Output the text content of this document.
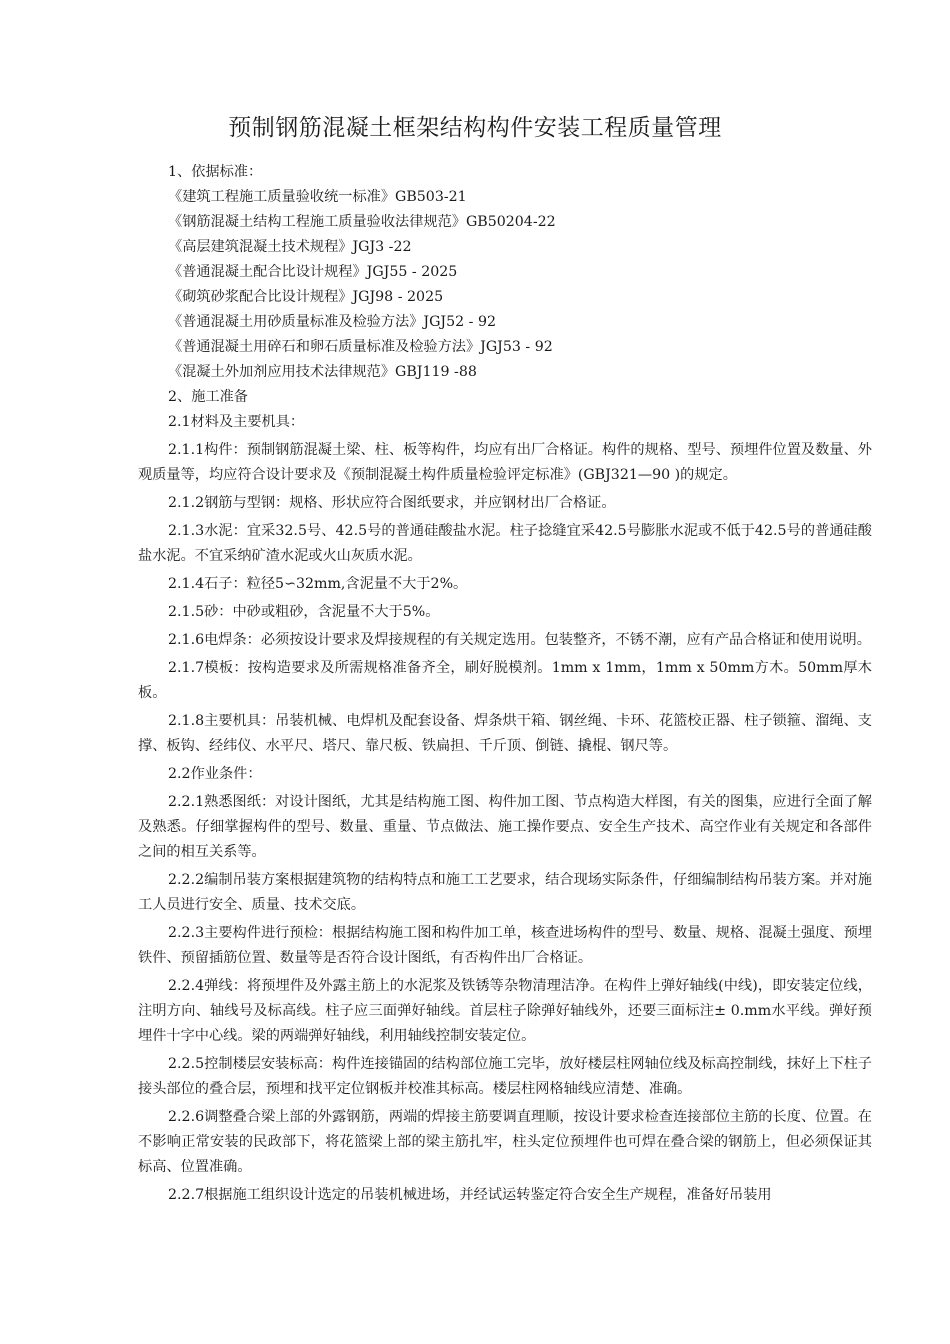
预制钢筋混凝土框架结构构件安装工程质量管理

1、依据标准：

《建筑工程施工质量验收统一标准》GB503-21

《钢筋混凝土结构工程施工质量验收法律规范》GB50204-22

《高层建筑混凝土技术规程》JGJ3 -22

《普通混凝土配合比设计规程》JGJ55 - 2025

《砌筑砂浆配合比设计规程》JGJ98 - 2025

《普通混凝土用砂质量标准及检验方法》JGJ52 - 92

《普通混凝土用碎石和卵石质量标准及检验方法》JGJ53 - 92

《混凝土外加剂应用技术法律规范》GBJ119 -88

2、施工准备

2.1材料及主要机具：

2.1.1构件：预制钢筋混凝土梁、柱、板等构件，均应有出厂合格证。构件的规格、型号、预埋件位置及数量、外观质量等，均应符合设计要求及《预制混凝土构件质量检验评定标准》(GBJ321—90 )的规定。

2.1.2钢筋与型钢：规格、形状应符合图纸要求，并应钢材出厂合格证。

2.1.3水泥：宜采32.5号、42.5号的普通硅酸盐水泥。柱子捻缝宜采42.5号膨胀水泥或不低于42.5号的普通硅酸盐水泥。不宜采纳矿渣水泥或火山灰质水泥。

2.1.4石子：粒径5∽32mm,含泥量不大于2%。

2.1.5砂：中砂或粗砂，含泥量不大于5%。

2.1.6电焊条：必须按设计要求及焊接规程的有关规定选用。包装整齐，不锈不潮，应有产品合格证和使用说明。

2.1.7模板：按构造要求及所需规格准备齐全，刷好脱模剂。1mm x 1mm，1mm x 50mm方木。50mm厚木板。

2.1.8主要机具：吊装机械、电焊机及配套设备、焊条烘干箱、钢丝绳、卡环、花篮校正器、柱子锁箍、溜绳、支撑、板钩、经纬仪、水平尺、塔尺、靠尺板、铁扁担、千斤顶、倒链、撬棍、钢尺等。

2.2作业条件：

2.2.1熟悉图纸：对设计图纸，尤其是结构施工图、构件加工图、节点构造大样图，有关的图集，应进行全面了解及熟悉。仔细掌握构件的型号、数量、重量、节点做法、施工操作要点、安全生产技术、高空作业有关规定和各部件之间的相互关系等。

2.2.2编制吊装方案根据建筑物的结构特点和施工工艺要求，结合现场实际条件，仔细编制结构吊装方案。并对施工人员进行安全、质量、技术交底。

2.2.3主要构件进行预检：根据结构施工图和构件加工单，核查进场构件的型号、数量、规格、混凝土强度、预埋铁件、预留插筋位置、数量等是否符合设计图纸，有否构件出厂合格证。

2.2.4弹线：将预埋件及外露主筋上的水泥浆及铁锈等杂物清理洁净。在构件上弹好轴线(中线)，即安装定位线，注明方向、轴线号及标高线。柱子应三面弹好轴线。首层柱子除弹好轴线外，还要三面标注± 0.mm水平线。弹好预埋件十字中心线。梁的两端弹好轴线，利用轴线控制安装定位。

2.2.5控制楼层安装标高：构件连接锚固的结构部位施工完毕，放好楼层柱网轴位线及标高控制线，抹好上下柱子接头部位的叠合层，预埋和找平定位钢板并校准其标高。楼层柱网格轴线应清楚、准确。

2.2.6调整叠合梁上部的外露钢筋，两端的焊接主筋要调直理顺，按设计要求检查连接部位主筋的长度、位置。在不影响正常安装的民政部下，将花篮梁上部的梁主筋扎牢，柱头定位预埋件也可焊在叠合梁的钢筋上，但必须保证其标高、位置准确。

2.2.7根据施工组织设计选定的吊装机械进场，并经试运转鉴定符合安全生产规程，准备好吊装用
